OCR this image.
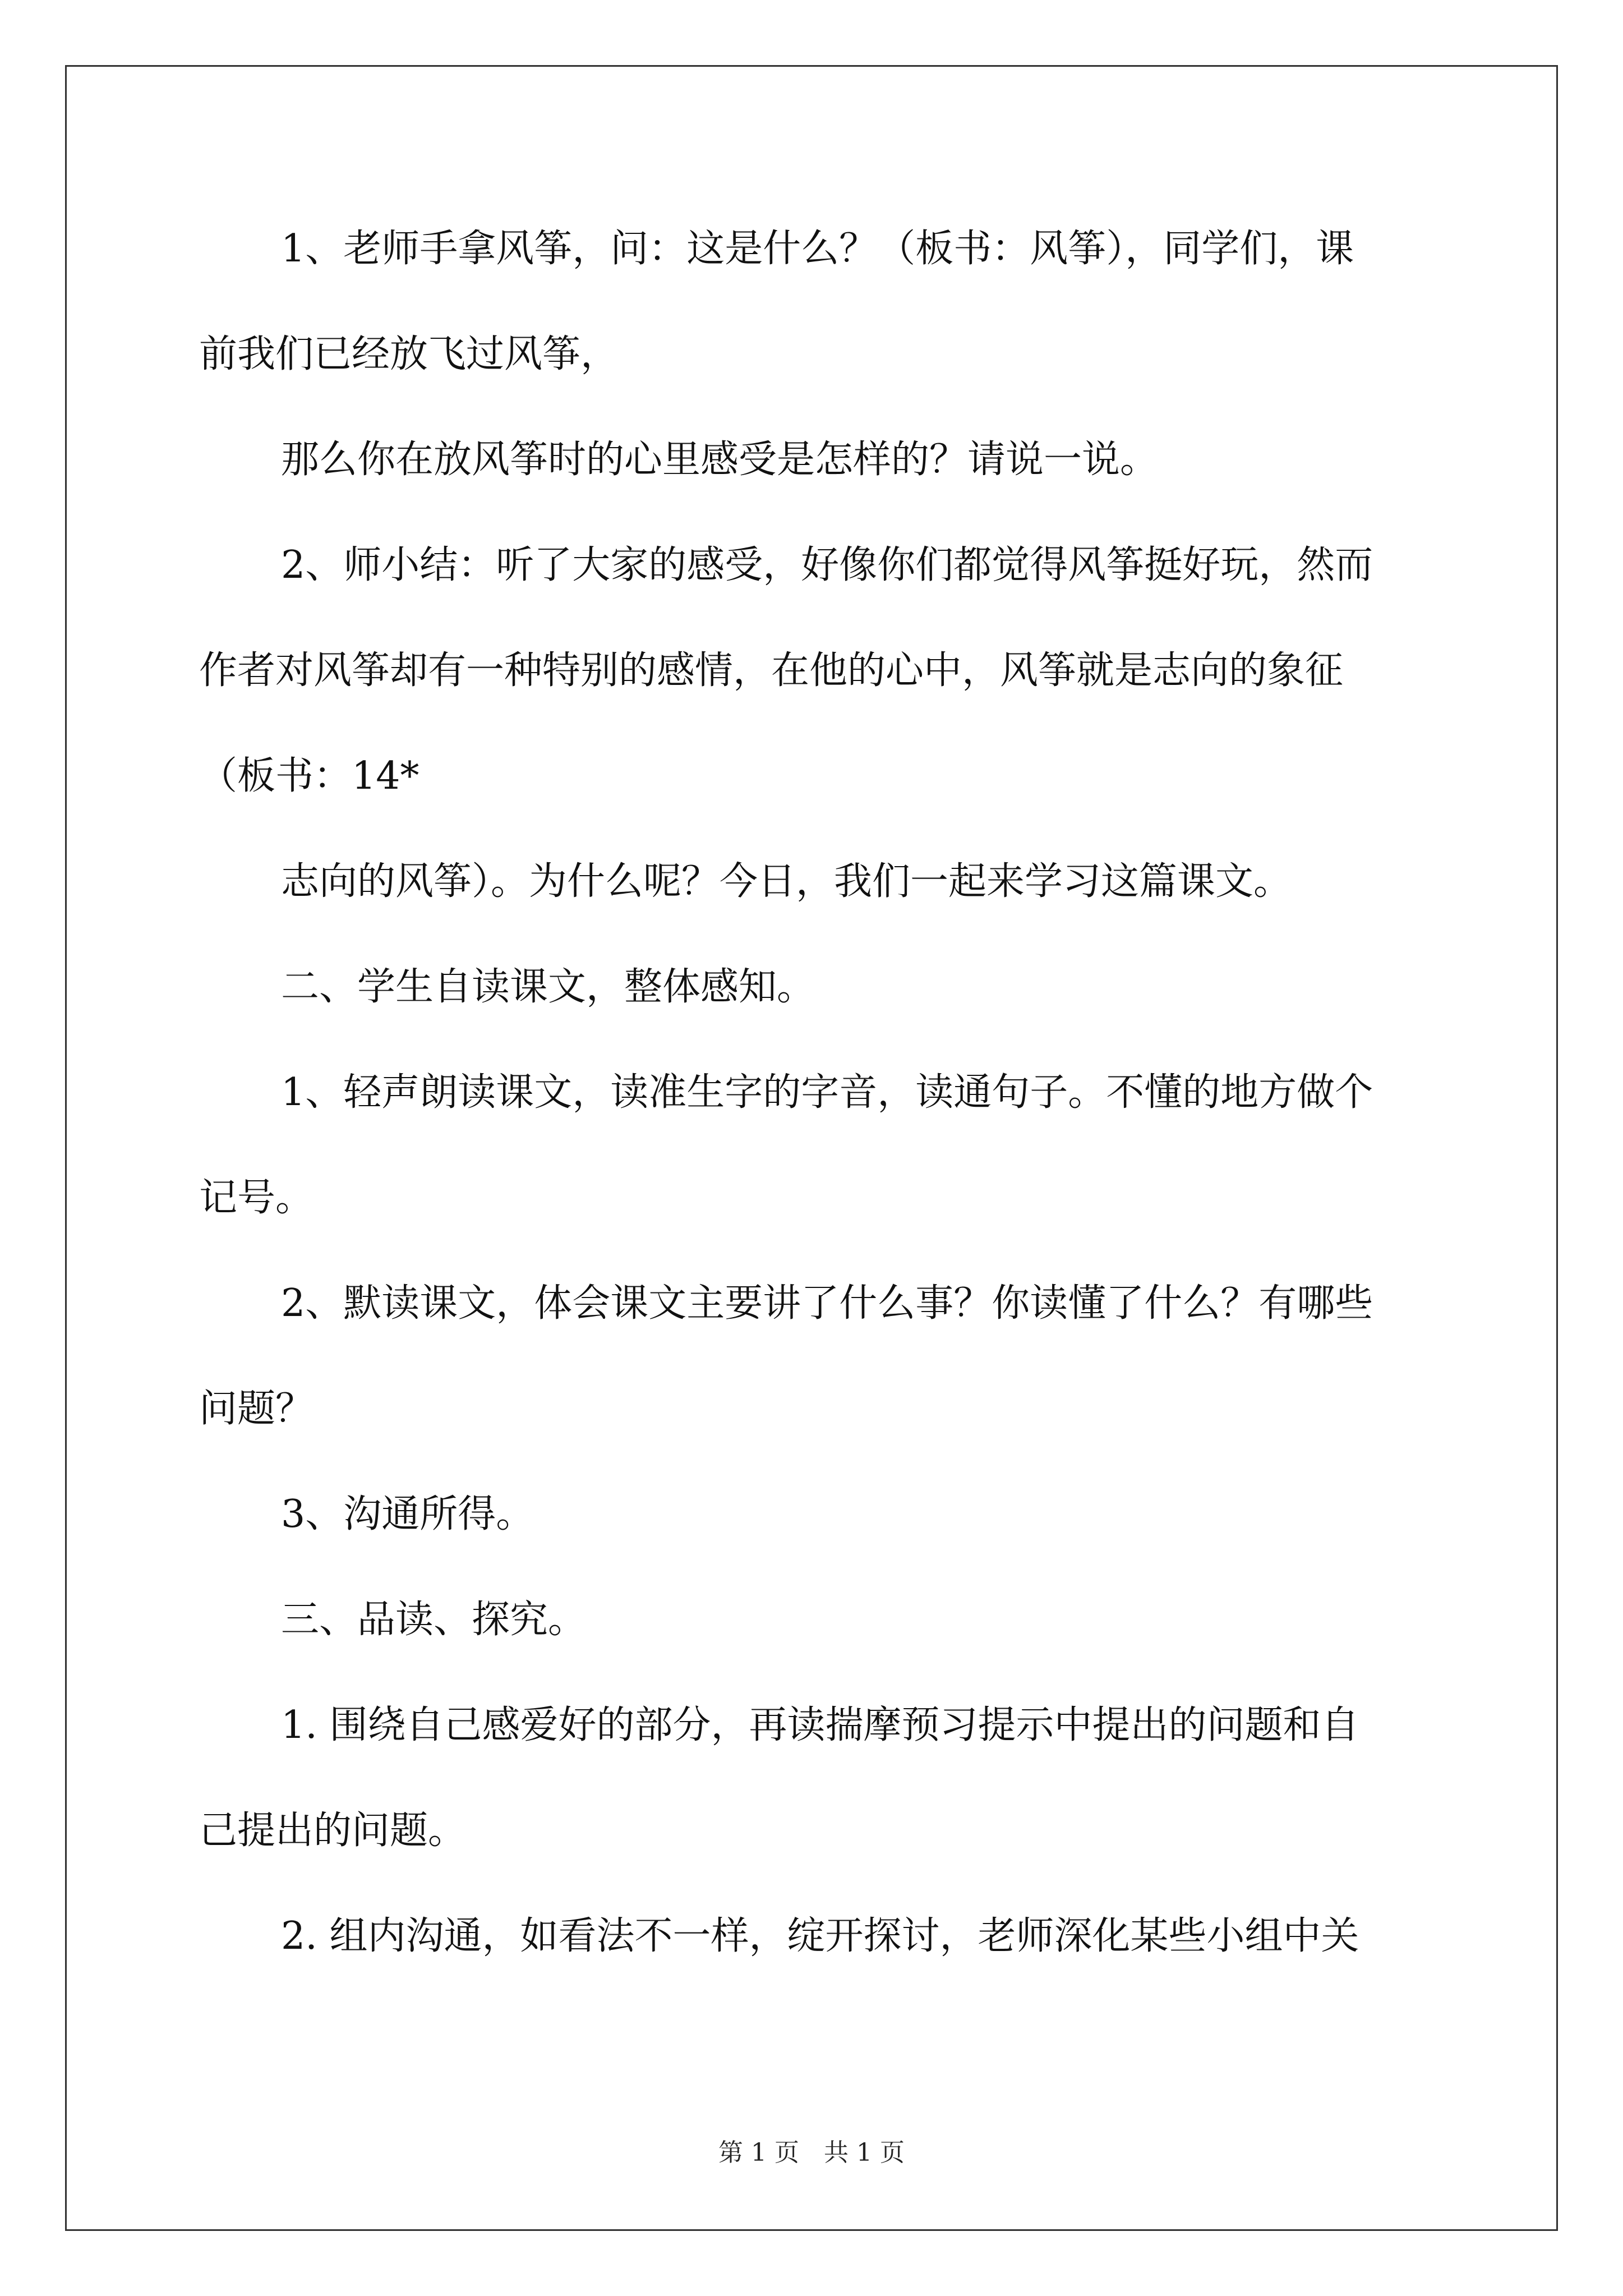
1、老师手拿风筝，问：这是什么？（板书：风筝），同学们，课
前我们已经放飞过风筝，
那么你在放风筝时的心里感受是怎样的？请说一说。
2、师小结：听了大家的感受，好像你们都觉得风筝挺好玩，然而
作者对风筝却有一种特别的感情，在他的心中，风筝就是志向的象征
（板书：14*
志向的风筝）。为什么呢？今日，我们一起来学习这篇课文。
二、学生自读课文，整体感知。
1、轻声朗读课文，读准生字的字音，读通句子。不懂的地方做个
记号。
2、默读课文，体会课文主要讲了什么事？你读懂了什么？有哪些
问题？
3、沟通所得。
三、品读、探究。
1. 围绕自己感爱好的部分，再读揣摩预习提示中提出的问题和自
己提出的问题。
2. 组内沟通，如看法不一样，绽开探讨，老师深化某些小组中关
第 1 页　共 1 页
